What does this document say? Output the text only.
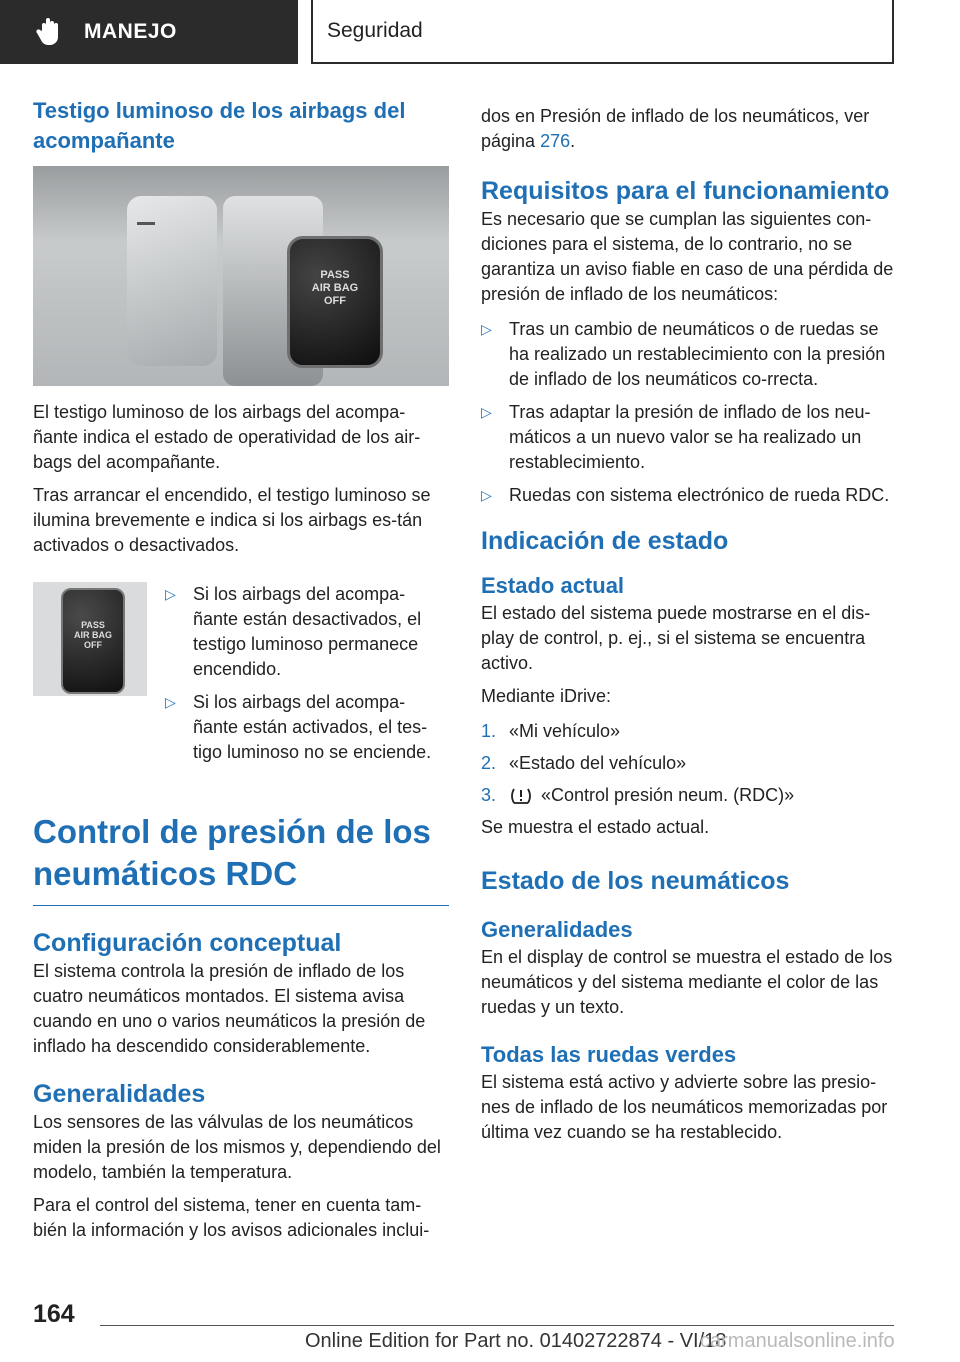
MANEJO	Seguridad
Testigo luminoso de los airbags del acompañante
PASS
AIR BAG
OFF

El testigo luminoso de los airbags del acompa-ñante indica el estado de operatividad de los air-bags del acompañante.

Tras arrancar el encendido, el testigo luminoso se ilumina brevemente e indica si los airbags es-tán activados o desactivados.

PASS
AIR BAG
OFF
▷ Si los airbags del acompa-ñante están desactivados, el testigo luminoso permanece encendido.
▷ Si los airbags del acompa-ñante están activados, el tes-tigo luminoso no se enciende.
Control de presión de los neumáticos RDC
Configuración conceptual

El sistema controla la presión de inflado de los cuatro neumáticos montados. El sistema avisa cuando en uno o varios neumáticos la presión de inflado ha descendido considerablemente.

Generalidades

Los sensores de las válvulas de los neumáticos miden la presión de los mismos y, dependiendo del modelo, también la temperatura.

Para el control del sistema, tener en cuenta tam-bién la información y los avisos adicionales inclui-

dos en Presión de inflado de los neumáticos, ver página 276.

Requisitos para el funcionamiento

Es necesario que se cumplan las siguientes con-diciones para el sistema, de lo contrario, no se garantiza un aviso fiable en caso de una pérdida de presión de inflado de los neumáticos:

▷ Tras un cambio de neumáticos o de ruedas se ha realizado un restablecimiento con la presión de inflado de los neumáticos co-rrecta.
▷ Tras adaptar la presión de inflado de los neu-máticos a un nuevo valor se ha realizado un restablecimiento.
▷ Ruedas con sistema electrónico de rueda RDC.
Indicación de estado
Estado actual

El estado del sistema puede mostrarse en el dis-play de control, p. ej., si el sistema se encuentra activo.

Mediante iDrive:

1. «Mi vehículo»
2. «Estado del vehículo»
3. «Control presión neum. (RDC)»

Se muestra el estado actual.

Estado de los neumáticos
Generalidades

En el display de control se muestra el estado de los neumáticos y del sistema mediante el color de las ruedas y un texto.

Todas las ruedas verdes

El sistema está activo y advierte sobre las presio-nes de inflado de los neumáticos memorizadas por última vez cuando se ha restablecido.

164
Online Edition for Part no. 01402722874 - VI/18
carmanualsonline.info
